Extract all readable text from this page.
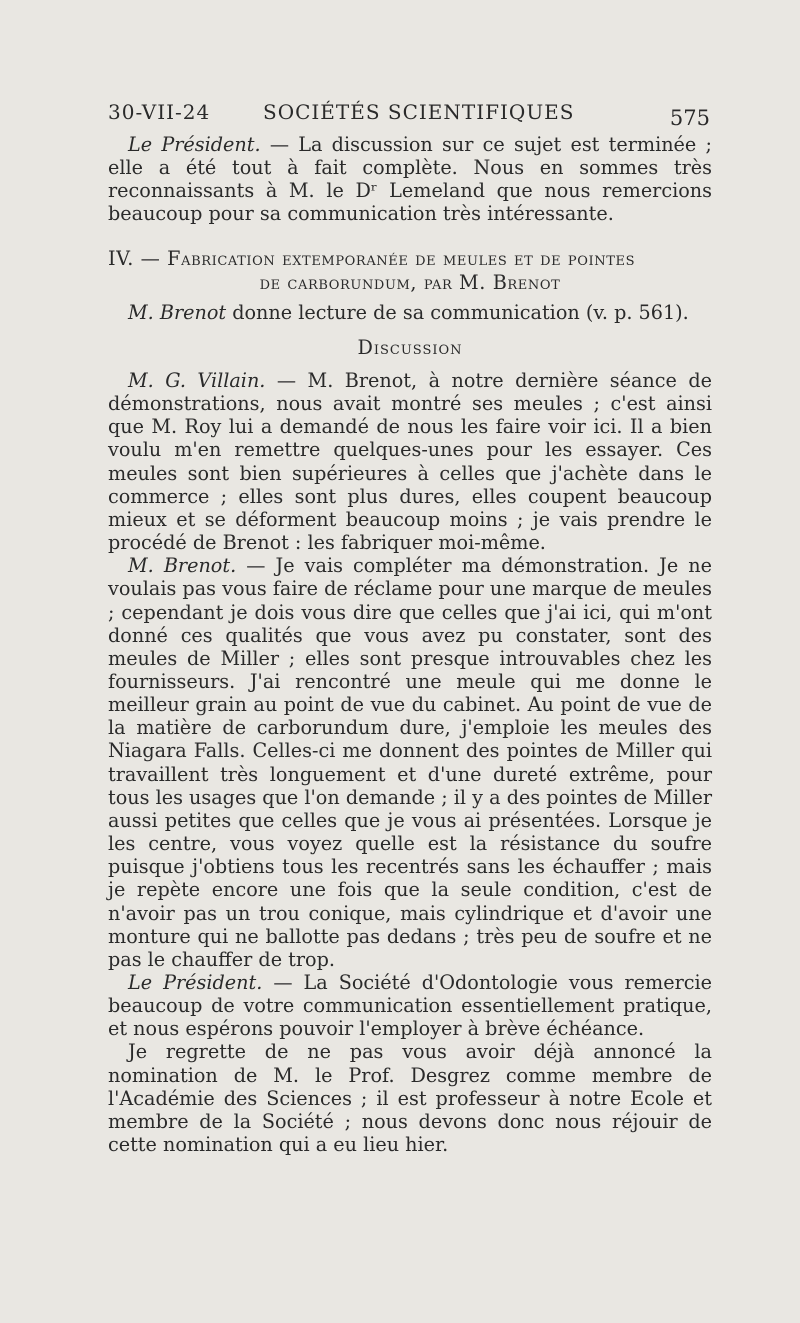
30-VII-24	SOCIÉTÉS SCIENTIFIQUES	575

Le Président. — La discussion sur ce sujet est terminée ; elle a été tout à fait complète. Nous en sommes très reconnaissants à M. le Dʳ Lemeland que nous remercions beaucoup pour sa communication très intéressante.

IV. — Fabrication extemporanée de meules et de pointes
de carborundum, par M. Brenot

M. Brenot donne lecture de sa communication (v. p. 561).

Discussion

M. G. Villain. — M. Brenot, à notre dernière séance de démonstrations, nous avait montré ses meules ; c'est ainsi que M. Roy lui a demandé de nous les faire voir ici. Il a bien voulu m'en remettre quelques-unes pour les essayer. Ces meules sont bien supérieures à celles que j'achète dans le commerce ; elles sont plus dures, elles coupent beaucoup mieux et se déforment beaucoup moins ; je vais prendre le procédé de Brenot : les fabriquer moi-même.

M. Brenot. — Je vais compléter ma démonstration. Je ne voulais pas vous faire de réclame pour une marque de meules ; cependant je dois vous dire que celles que j'ai ici, qui m'ont donné ces qualités que vous avez pu constater, sont des meules de Miller ; elles sont presque introuvables chez les fournisseurs. J'ai rencontré une meule qui me donne le meilleur grain au point de vue du cabinet. Au point de vue de la matière de carborundum dure, j'emploie les meules des Niagara Falls. Celles-ci me donnent des pointes de Miller qui travaillent très longuement et d'une dureté extrême, pour tous les usages que l'on demande ; il y a des pointes de Miller aussi petites que celles que je vous ai présentées. Lorsque je les centre, vous voyez quelle est la résistance du soufre puisque j'obtiens tous les recentrés sans les échauffer ; mais je repète encore une fois que la seule condition, c'est de n'avoir pas un trou conique, mais cylindrique et d'avoir une monture qui ne ballotte pas dedans ; très peu de soufre et ne pas le chauffer de trop.

Le Président. — La Société d'Odontologie vous remercie beaucoup de votre communication essentiellement pratique, et nous espérons pouvoir l'employer à brève échéance.

Je regrette de ne pas vous avoir déjà annoncé la nomination de M. le Prof. Desgrez comme membre de l'Académie des Sciences ; il est professeur à notre Ecole et membre de la Société ; nous devons donc nous réjouir de cette nomination qui a eu lieu hier.
